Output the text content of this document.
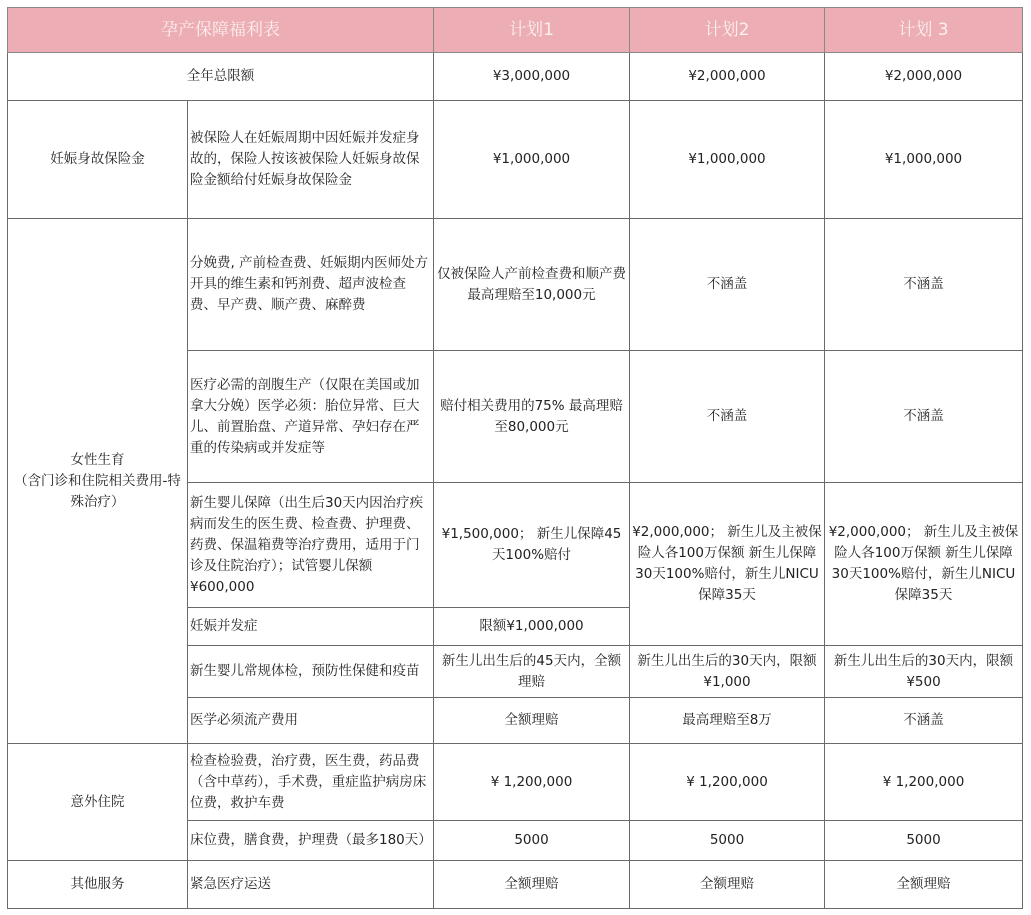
孕产保障福利表		计划1	计划2	计划 3
全年总限额		¥3,000,000	¥2,000,000	¥2,000,000
妊娠身故保险金	被保险人在妊娠周期中因妊娠并发症身故的，保险人按该被保险人妊娠身故保险金额给付妊娠身故保险金	¥1,000,000	¥1,000,000	¥1,000,000

女性生育
（含门诊和住院相关费用-特殊治疗）	分娩费, 产前检查费、妊娠期内医师处方开具的维生素和钙剂费、超声波检查费、早产费、顺产费、麻醉费	仅被保险人产前检查费和顺产费最高理赔至10,000元	不涵盖	不涵盖
	医疗必需的剖腹生产（仅限在美国或加拿大分娩）医学必须：胎位异常、巨大儿、前置胎盘、产道异常、孕妇存在严重的传染病或并发症等	赔付相关费用的75% 最高理赔至80,000元	不涵盖	不涵盖
	新生婴儿保障（出生后30天内因治疗疾病而发生的医生费、检查费、护理费、药费、保温箱费等治疗费用，适用于门诊及住院治疗）；试管婴儿保额¥600,000	¥1,500,000； 新生儿保障45天100%赔付	¥2,000,000； 新生儿及主被保险人各100万保额 新生儿保障30天100%赔付，新生儿NICU保障35天	¥2,000,000； 新生儿及主被保险人各100万保额 新生儿保障30天100%赔付，新生儿NICU保障35天
	妊娠并发症	限额¥1,000,000		
	新生婴儿常规体检，预防性保健和疫苗	新生儿出生后的45天内，全额理赔	新生儿出生后的30天内，限额¥1,000	新生儿出生后的30天内，限额¥500
	医学必须流产费用	全额理赔	最高理赔至8万	不涵盖
意外住院	检查检验费，治疗费，医生费，药品费（含中草药），手术费，重症监护病房床位费，救护车费	¥ 1,200,000	¥ 1,200,000	¥ 1,200,000
	床位费，膳食费，护理费（最多180天）	5000	5000	5000
其他服务	紧急医疗运送	全额理赔	全额理赔	全额理赔
